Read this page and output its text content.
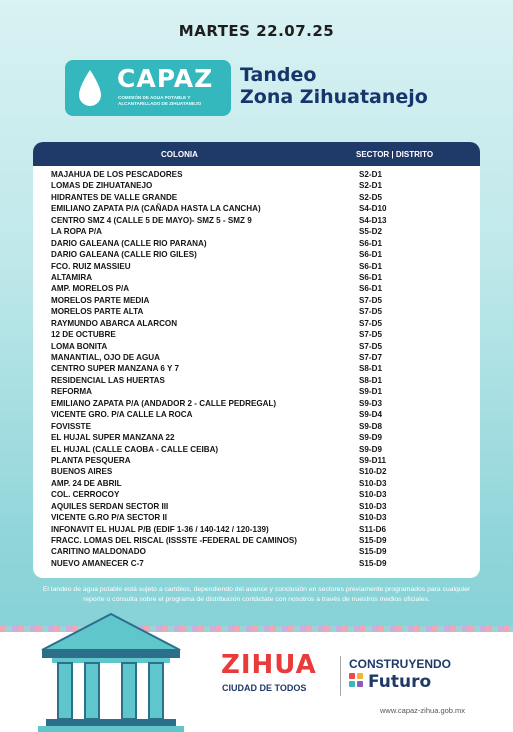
MARTES 22.07.25
CAPAZ
COMISIÓN DE AGUA POTABLE Y ALCANTARILLADO DE ZIHUATANEJO
Tandeo
Zona Zihuatanejo
COLONIA	SECTOR | DISTRITO
MAJAHUA DE LOS PESCADORES	S2-D1
LOMAS DE ZIHUATANEJO	S2-D1
HIDRANTES DE VALLE GRANDE	S2-D5
EMILIANO ZAPATA P/A (CAÑADA HASTA LA CANCHA)	S4-D10
CENTRO SMZ 4 (CALLE 5 DE MAYO)- SMZ 5 - SMZ 9	S4-D13
LA ROPA P/A	S5-D2
DARIO GALEANA (CALLE RIO PARANA)	S6-D1
DARIO GALEANA (CALLE RIO GILES)	S6-D1
FCO. RUIZ MASSIEU	S6-D1
ALTAMIRA	S6-D1
AMP. MORELOS P/A	S6-D1
MORELOS PARTE MEDIA	S7-D5
MORELOS PARTE ALTA	S7-D5
RAYMUNDO ABARCA ALARCON	S7-D5
12 DE OCTUBRE	S7-D5
LOMA BONITA	S7-D5
MANANTIAL, OJO DE AGUA	S7-D7
CENTRO SUPER MANZANA 6 Y 7	S8-D1
RESIDENCIAL LAS HUERTAS	S8-D1
REFORMA	S9-D1
EMILIANO ZAPATA P/A (ANDADOR 2 - CALLE PEDREGAL)	S9-D3
VICENTE GRO. P/A CALLE LA ROCA	S9-D4
FOVISSTE	S9-D8
EL HUJAL SUPER MANZANA 22	S9-D9
EL HUJAL (CALLE CAOBA - CALLE CEIBA)	S9-D9
PLANTA PESQUERA	S9-D11
BUENOS AIRES	S10-D2
AMP. 24 DE ABRIL	S10-D3
COL. CERROCOY	S10-D3
AQUILES SERDAN SECTOR III	S10-D3
VICENTE G.RO P/A SECTOR II	S10-D3
INFONAVIT EL HUJAL P/B (EDIF 1-36 / 140-142 / 120-139)	S11-D6
FRACC. LOMAS DEL RISCAL (ISSSTE -FEDERAL DE CAMINOS)	S15-D9
CARITINO MALDONADO	S15-D9
NUEVO AMANECER C-7	S15-D9
El tandeo de agua potable está sujeto a cambios, dependiendo del avance y conclusión en sectores previamente programados para cualquier reporte o consulta sobre el programa de distribución contáctate con nosotros a través de nuestros medios oficiales.
ZIHUA
CIUDAD DE TODOS
CONSTRUYENDO
Futuro
www.capaz-zihua.gob.mx
